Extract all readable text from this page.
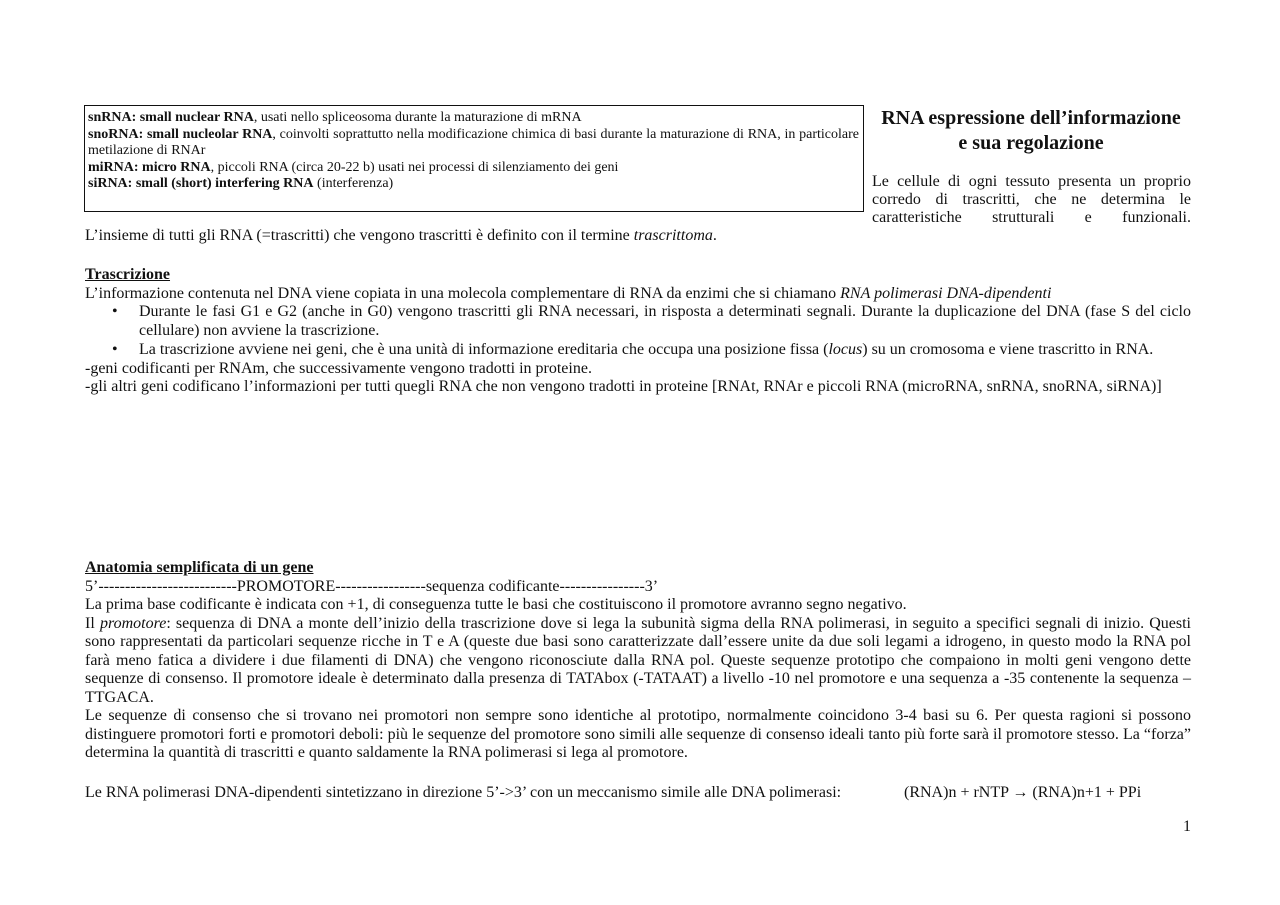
snRNA: small nuclear RNA, usati nello spliceosoma durante la maturazione di mRNA

snoRNA: small nucleolar RNA, coinvolti soprattutto nella modificazione chimica di basi durante la maturazione di RNA, in particolare metilazione di RNAr

miRNA: micro RNA, piccoli RNA (circa 20-22 b) usati nei processi di silenziamento dei geni

siRNA: small (short) interfering RNA (interferenza)

RNA espressione dell’informazione
e sua regolazione
Le cellule di ogni tessuto presenta un proprio corredo di trascritti, che ne determina le caratteristiche strutturali e funzionali.

L’insieme di tutti gli RNA (=trascritti) che vengono trascritti è definito con il termine trascrittoma.

Trascrizione

L’informazione contenuta nel DNA viene copiata in una molecola complementare di RNA da enzimi che si chiamano RNA polimerasi DNA-dipendenti

• Durante le fasi G1 e G2 (anche in G0) vengono trascritti gli RNA necessari, in risposta a determinati segnali. Durante la duplicazione del DNA (fase S del ciclo cellulare) non avviene la trascrizione.
• La trascrizione avviene nei geni, che è una unità di informazione ereditaria che occupa una posizione fissa (locus) su un cromosoma e viene trascritto in RNA.

-geni codificanti per RNAm, che successivamente vengono tradotti in proteine.

-gli altri geni codificano l’informazioni per tutti quegli RNA che non vengono tradotti in proteine [RNAt, RNAr e piccoli RNA (microRNA, snRNA, snoRNA, siRNA)]

Anatomia semplificata di un gene

5’--------------------------PROMOTORE-----------------sequenza codificante----------------3’

La prima base codificante è indicata con +1, di conseguenza tutte le basi che costituiscono il promotore avranno segno negativo.

Il promotore: sequenza di DNA a monte dell’inizio della trascrizione dove si lega la subunità sigma della RNA polimerasi, in seguito a specifici segnali di inizio. Questi sono rappresentati da particolari sequenze ricche in T e A (queste due basi sono caratterizzate dall’essere unite da due soli legami a idrogeno, in questo modo la RNA pol farà meno fatica a dividere i due filamenti di DNA) che vengono riconosciute dalla RNA pol. Queste sequenze prototipo che compaiono in molti geni vengono dette sequenze di consenso. Il promotore ideale è determinato dalla presenza di TATAbox (-TATAAT) a livello -10 nel promotore e una sequenza a -35 contenente la sequenza –TTGACA.

Le sequenze di consenso che si trovano nei promotori non sempre sono identiche al prototipo, normalmente coincidono 3-4 basi su 6. Per questa ragioni si possono distinguere promotori forti e promotori deboli: più le sequenze del promotore sono simili alle sequenze di consenso ideali tanto più forte sarà il promotore stesso. La “forza” determina la quantità di trascritti e quanto saldamente la RNA polimerasi si lega al promotore.

Le RNA polimerasi DNA-dipendenti sintetizzano in direzione 5’->3’ con un meccanismo simile alle DNA polimerasi:	(RNA)n + rNTP → (RNA)n+1 + PPi
1
